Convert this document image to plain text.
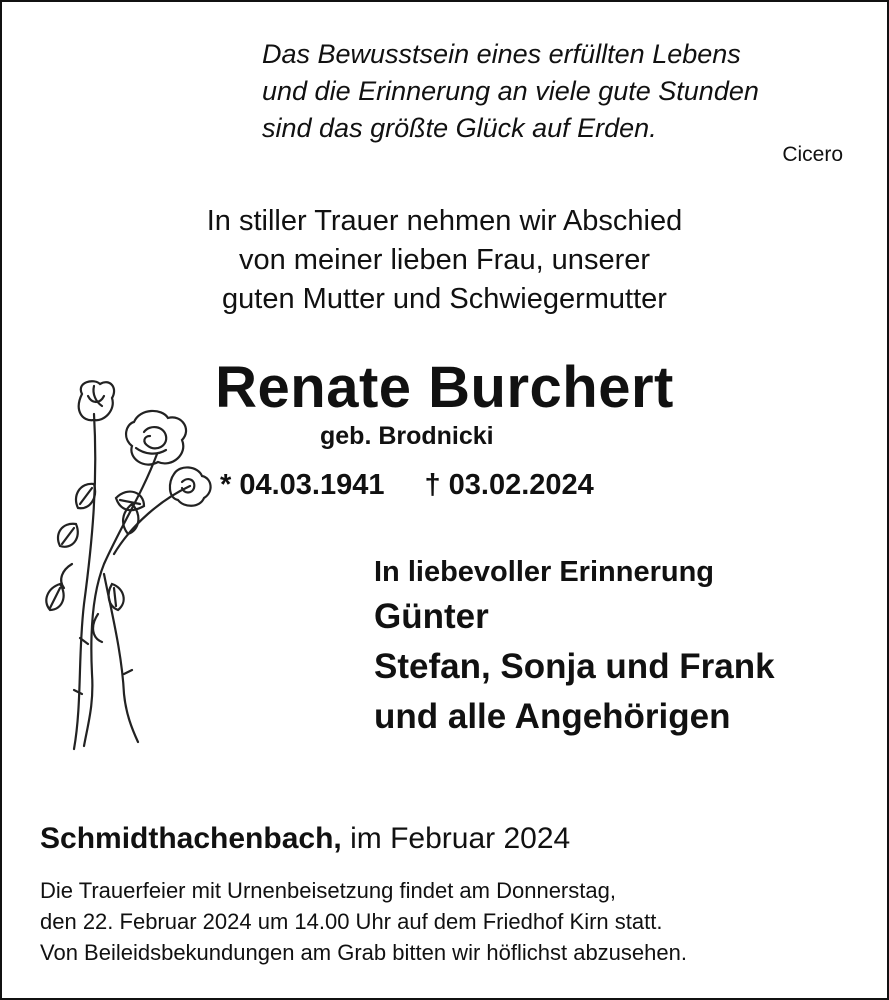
Das Bewusstsein eines erfüllten Lebens
und die Erinnerung an viele gute Stunden
sind das größte Glück auf Erden.
Cicero
In stiller Trauer nehmen wir Abschied
von meiner lieben Frau, unserer
guten Mutter und Schwiegermutter
Renate Burchert
geb. Brodnicki
* 04.03.1941 † 03.02.2024
In liebevoller Erinnerung
Günter
Stefan, Sonja und Frank
und alle Angehörigen
Schmidthachenbach, im Februar 2024
Die Trauerfeier mit Urnenbeisetzung findet am Donnerstag,
den 22. Februar 2024 um 14.00 Uhr auf dem Friedhof Kirn statt.
Von Beileidsbekundungen am Grab bitten wir höflichst abzusehen.
